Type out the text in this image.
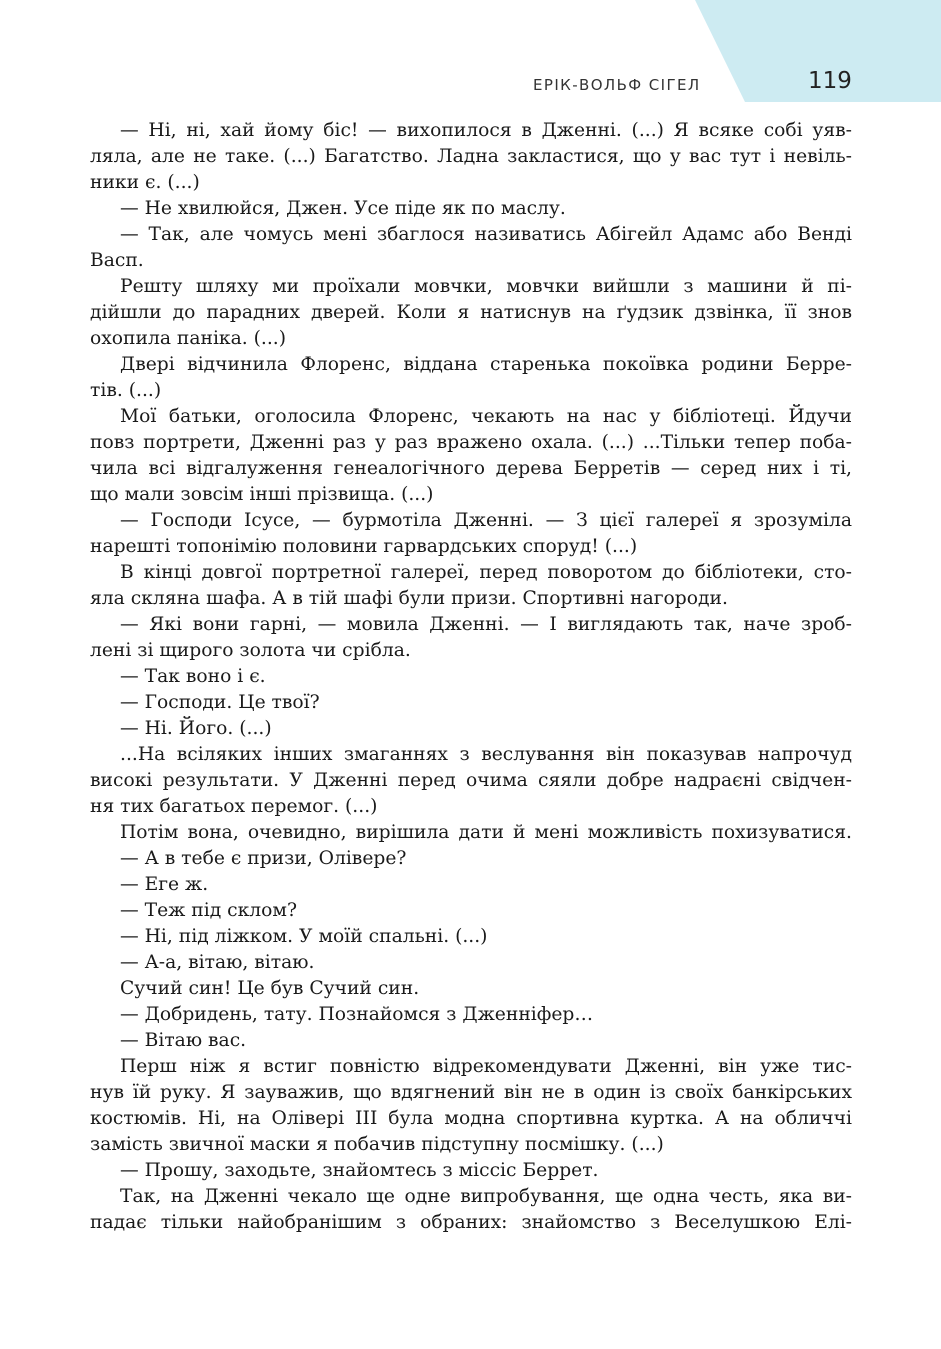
ЕРІК-ВОЛЬФ СІГЕЛ	119
— Ні, ні, хай йому біс! — вихопилося в Дженні. (...) Я всяке собі уяв-
ляла, але не таке. (...) Багатство. Ладна закластися, що у вас тут і невіль-
ники є. (...)
— Не хвилюйся, Джен. Усе піде як по маслу.
— Так, але чомусь мені збаглося називатись Абігейл Адамс або Венді
Васп.
Решту шляху ми проїхали мовчки, мовчки вийшли з машини й пі-
дійшли до парадних дверей. Коли я натиснув на ґудзик дзвінка, її знов
охопила паніка. (...)
Двері відчинила Флоренс, віддана старенька покоївка родини Берре-
тів. (...)
Мої батьки, оголосила Флоренс, чекають на нас у бібліотеці. Йдучи
повз портрети, Дженні раз у раз вражено охала. (...) ...Тільки тепер поба-
чила всі відгалуження генеалогічного дерева Берретів — серед них і ті,
що мали зовсім інші прізвища. (...)
— Господи Ісусе, — бурмотіла Дженні. — З цієї галереї я зрозуміла
нарешті топонімію половини гарвардських споруд! (...)
В кінці довгої портретної галереї, перед поворотом до бібліотеки, сто-
яла скляна шафа. А в тій шафі були призи. Спортивні нагороди.
— Які вони гарні, — мовила Дженні. — І виглядають так, наче зроб-
лені зі щирого золота чи срібла.
— Так воно і є.
— Господи. Це твої?
— Ні. Його. (...)
...На всіляких інших змаганнях з веслування він показував напрочуд
високі результати. У Дженні перед очима сяяли добре надраєні свідчен-
ня тих багатьох перемог. (...)
Потім вона, очевидно, вирішила дати й мені можливість похизуватися.
— А в тебе є призи, Олівере?
— Еге ж.
— Теж під склом?
— Ні, під ліжком. У моїй спальні. (...)
— А-а, вітаю, вітаю.
Сучий син! Це був Сучий син.
— Добридень, тату. Познайомся з Дженніфер…
— Вітаю вас.
Перш ніж я встиг повністю відрекомендувати Дженні, він уже тис-
нув їй руку. Я зауважив, що вдягнений він не в один із своїх банкірських
костюмів. Ні, на Олівері III була модна спортивна куртка. А на обличчі
замість звичної маски я побачив підступну посмішку. (...)
— Прошу, заходьте, знайомтесь з міссіс Беррет.
Так, на Дженні чекало ще одне випробування, ще одна честь, яка ви-
падає тільки найобранішим з обраних: знайомство з Веселушкою Елі-
